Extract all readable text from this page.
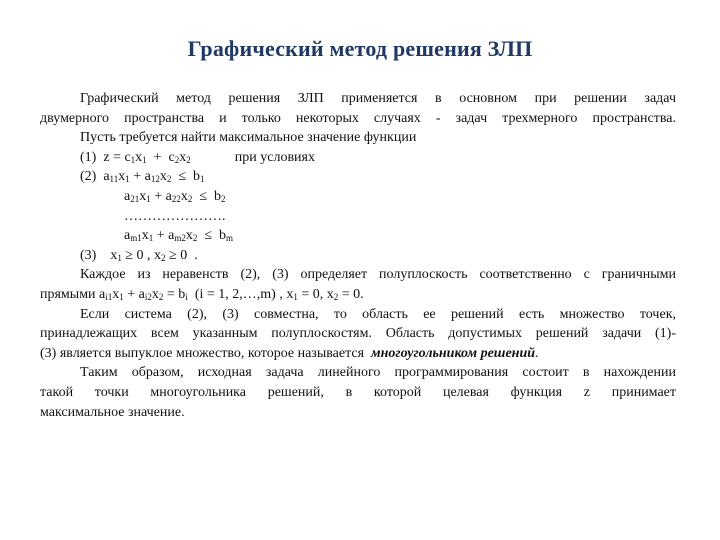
Графический метод решения ЗЛП
Графический метод решения ЗЛП применяется в основном при решении задач
двумерного пространства и только некоторых случаях - задач трехмерного пространства.
Пусть требуется найти максимальное значение функции
(1)  $z = c_1x_1 + c_2x_2$	при условиях
(2)  $a_{11}x_1 + a_{12}x_2 \le b_1$
$a_{21}x_1 + a_{22}x_2 \le b_2$
………………….
$a_{m1}x_1 + a_{m2}x_2 \le b_m$
(3)    $x_1 \ge 0$ , $x_2 \ge 0$  .
Каждое из неравенств (2), (3) определяет полуплоскость соответственно с граничными
прямыми $a_{i1}x_1 + a_{i2}x_2 = b_i$ (i = 1, 2,…,m) , $x_1 = 0$, $x_2 = 0$.
Если система (2), (3) совместна, то область ее решений есть множество точек,
принадлежащих всем указанным полуплоскостям. Область допустимых решений задачи (1)-
(3) является выпуклое множество, которое называется многоугольником решений.
Таким образом, исходная задача линейного программирования состоит в нахождении
такой точки многоугольника решений, в которой целевая функция z принимает
максимальное значение.
